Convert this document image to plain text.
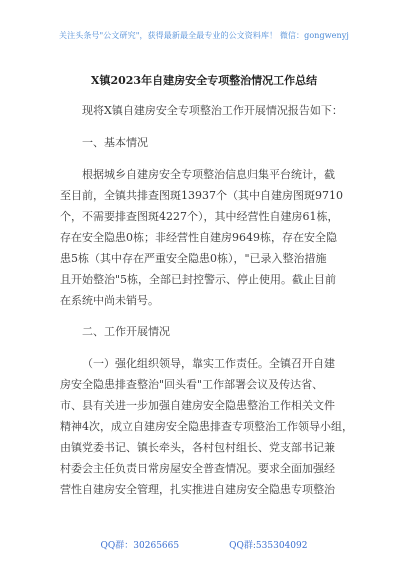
关注头条号"公文研究"，获得最新最全最专业的公文资料库！ 微信：gongwenyj
X镇2023年自建房安全专项整治情况工作总结
现将X镇自建房安全专项整治工作开展情况报告如下：
一、基本情况
根据城乡自建房安全专项整治信息归集平台统计，截
至目前，全镇共排查图斑13937个（其中自建房图斑9710
个，不需要排查图斑4227个），其中经营性自建房61栋，
存在安全隐患0栋；非经营性自建房9649栋，存在安全隐
患5栋（其中存在严重安全隐患0栋），"已录入整治措施
且开始整治"5栋，全部已封控警示、停止使用。截止目前
在系统中尚未销号。
二、工作开展情况
（一）强化组织领导，靠实工作责任。全镇召开自建
房安全隐患排查整治"回头看"工作部署会议及传达省、
市、县有关进一步加强自建房安全隐患整治工作相关文件
精神4次，成立自建房安全隐患排查专项整治工作领导小组，
由镇党委书记、镇长牵头，各村包村组长、党支部书记兼
村委会主任负责日常房屋安全普查情况。要求全面加强经
营性自建房安全管理，扎实推进自建房安全隐患专项整治
QQ群：30265665	QQ群:535304092
